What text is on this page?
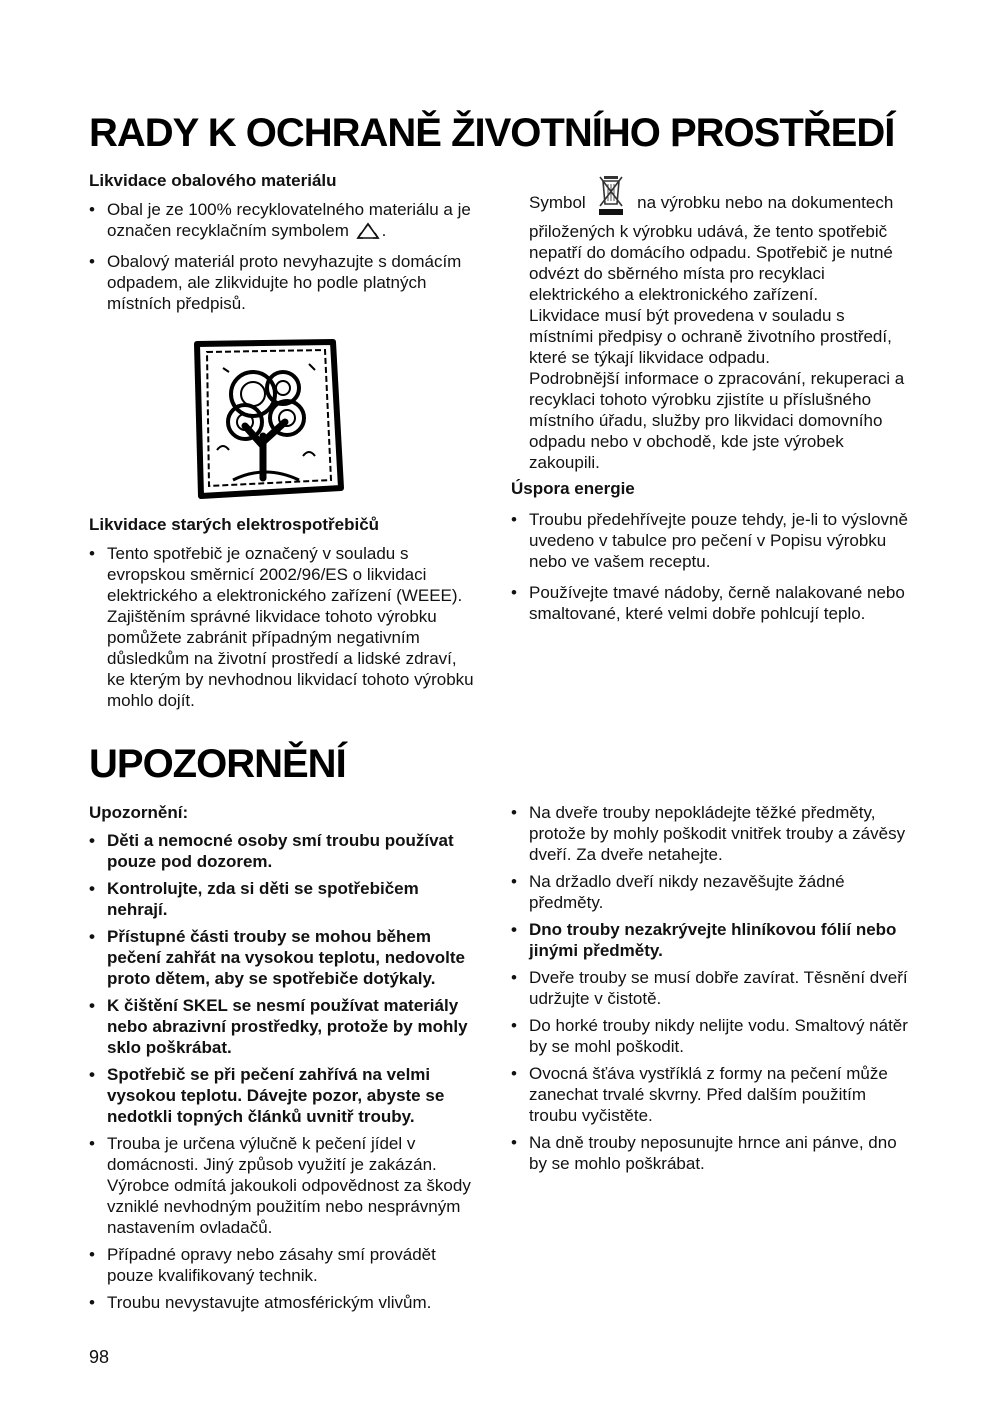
RADY K OCHRANĚ ŽIVOTNÍHO PROSTŘEDÍ
Likvidace obalového materiálu
• Obal je ze 100% recyklovatelného materiálu a je označen recyklačním symbolem .
• Obalový materiál proto nevyhazujte s domácím odpadem, ale zlikvidujte ho podle platných místních předpisů.
Likvidace starých elektrospotřebičů

• Tento spotřebič je označený v souladu s evropskou směrnicí 2002/96/ES o likvidaci elektrického a elektronického zařízení (WEEE).

Zajištěním správné likvidace tohoto výrobku pomůžete zabránit případným negativním důsledkům na životní prostředí a lidské zdraví, ke kterým by nevhodnou likvidací tohoto výrobku mohlo dojít.

Symbol	na výrobku nebo na dokumentech přiložených k výrobku udává, že tento spotřebič nepatří do domácího odpadu. Spotřebič je nutné odvézt do sběrného místa pro recyklaci elektrického a elektronického zařízení.

Likvidace musí být provedena v souladu s místními předpisy o ochraně životního prostředí, které se týkají likvidace odpadu.

Podrobnější informace o zpracování, rekuperaci a recyklaci tohoto výrobku zjistíte u příslušného místního úřadu, služby pro likvidaci domovního odpadu nebo v obchodě, kde jste výrobek zakoupili.

Úspora energie
• Troubu předehřívejte pouze tehdy, je-li to výslovně uvedeno v tabulce pro pečení v Popisu výrobku nebo ve vašem receptu.
• Používejte tmavé nádoby, černě nalakované nebo smaltované, které velmi dobře pohlcují teplo.
UPOZORNĚNÍ
Upozornění:
• Děti a nemocné osoby smí troubu používat pouze pod dozorem.
• Kontrolujte, zda si děti se spotřebičem nehrají.
• Přístupné části trouby se mohou během pečení zahřát na vysokou teplotu, nedovolte proto dětem, aby se spotřebiče dotýkaly.
• K čištění SKEL se nesmí používat materiály nebo abrazivní prostředky, protože by mohly sklo poškrábat.
• Spotřebič se při pečení zahřívá na velmi vysokou teplotu. Dávejte pozor, abyste se nedotkli topných článků uvnitř trouby.
• Trouba je určena výlučně k pečení jídel v domácnosti. Jiný způsob využití je zakázán. Výrobce odmítá jakoukoli odpovědnost za škody vzniklé nevhodným použitím nebo nesprávným nastavením ovladačů.
• Případné opravy nebo zásahy smí provádět pouze kvalifikovaný technik.
• Troubu nevystavujte atmosférickým vlivům.
• Na dveře trouby nepokládejte těžké předměty, protože by mohly poškodit vnitřek trouby a závěsy dveří. Za dveře netahejte.
• Na držadlo dveří nikdy nezavěšujte žádné předměty.
• Dno trouby nezakrývejte hliníkovou fólií nebo jinými předměty.
• Dveře trouby se musí dobře zavírat. Těsnění dveří udržujte v čistotě.
• Do horké trouby nikdy nelijte vodu. Smaltový nátěr by se mohl poškodit.
• Ovocná šťáva vystříklá z formy na pečení může zanechat trvalé skvrny. Před dalším použitím troubu vyčistěte.
• Na dně trouby neposunujte hrnce ani pánve, dno by se mohlo poškrábat.
98
